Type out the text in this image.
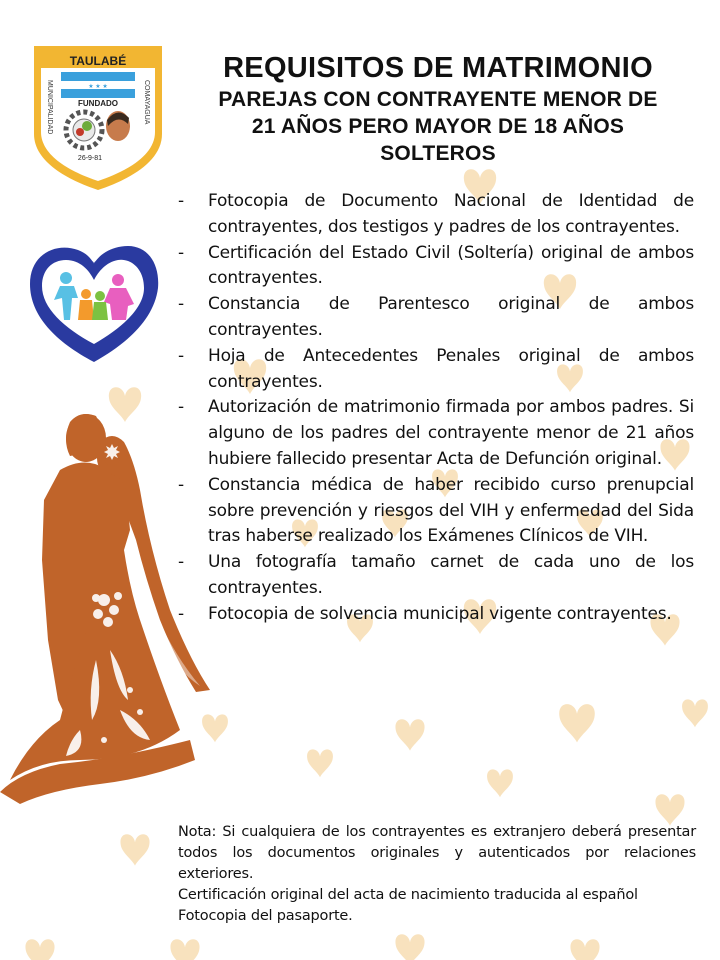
TAULABÉ
MUNICIPALIDAD	COMAYAGUA
★ ★ ★
FUNDADO
26-9-81
REQUISITOS DE MATRIMONIO
PAREJAS CON CONTRAYENTE MENOR DE
21 AÑOS PERO MAYOR DE 18 AÑOS
SOLTEROS
- Fotocopia de Documento Nacional de Identidad de contrayentes, dos testigos y padres de los contrayentes.
- Certificación del Estado Civil (Soltería) original de ambos contrayentes.
- Constancia de Parentesco original de ambos contrayentes.
- Hoja de Antecedentes Penales original de ambos contrayentes.
- Autorización de matrimonio firmada por ambos padres. Si alguno de los padres del contrayente menor de 21 años hubiere fallecido presentar Acta de Defunción original.
- Constancia médica de haber recibido curso prenupcial sobre prevención y riesgos del VIH y enfermedad del Sida tras haberse realizado los Exámenes Clínicos de VIH.
- Una fotografía tamaño carnet de cada uno de los contrayentes.
- Fotocopia de solvencia municipal vigente contrayentes.

Nota: Si cualquiera de los contrayentes es extranjero deberá presentar todos los documentos originales y autenticados por relaciones exteriores.

Certificación original del acta de nacimiento traducida al español

Fotocopia del pasaporte.
